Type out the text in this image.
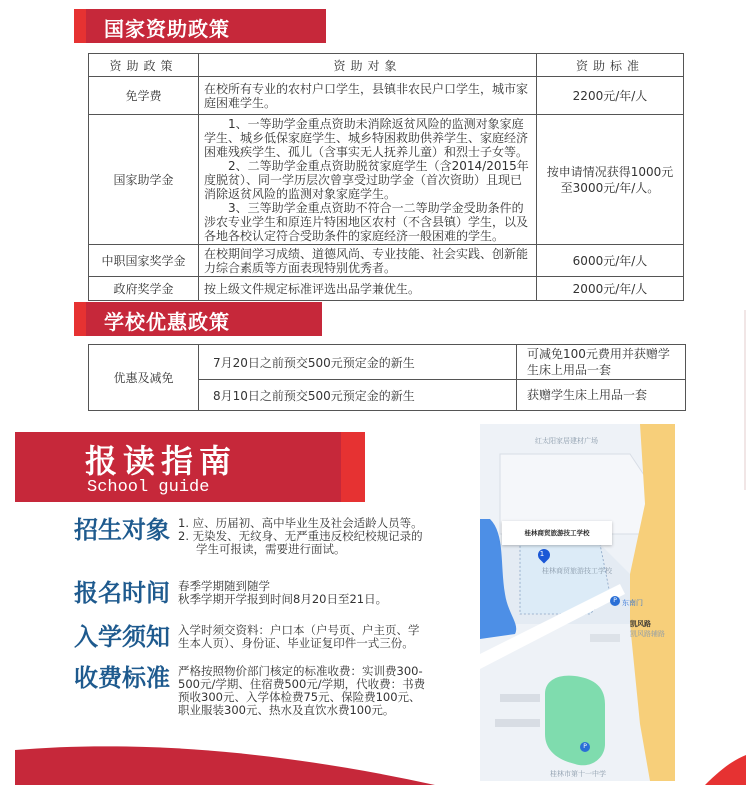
国家资助政策
资助政策	资助对象	资助标准
免学费	在校所有专业的农村户口学生，县镇非农民户口学生，城市家庭困难学生。	2200元/年/人
国家助学金	1、一等助学金重点资助未消除返贫风险的监测对象家庭学生、城乡低保家庭学生、城乡特困救助供养学生、家庭经济困难残疾学生、孤儿（含事实无人抚养儿童）和烈士子女等。
2、二等助学金重点资助脱贫家庭学生（含2014/2015年度脱贫）、同一学历层次曾享受过助学金（首次资助）且现已消除返贫风险的监测对象家庭学生。
3、三等助学金重点资助不符合一二等助学金受助条件的涉农专业学生和原连片特困地区农村（不含县镇）学生，以及各地各校认定符合受助条件的家庭经济一般困难的学生。	按申请情况获得1000元至3000元/年/人。
中职国家奖学金	在校期间学习成绩、道德风尚、专业技能、社会实践、创新能力综合素质等方面表现特别优秀者。	6000元/年/人
政府奖学金	按上级文件规定标准评选出品学兼优生。	2000元/年/人
学校优惠政策
优惠及减免	7月20日之前预交500元预定金的新生	可减免100元费用并获赠学生床上用品一套
	8月10日之前预交500元预定金的新生	获赠学生床上用品一套
报读指南
School guide
招生对象 1. 应、历届初、高中毕业生及社会适龄人员等。
2. 无染发、无纹身、无严重违反校纪校规记录的
学生可报读，需要进行面试。
报名时间 春季学期随到随学
秋季学期开学报到时间8月20日至21日。
入学须知 入学时须交资料：户口本（户号页、户主页、学
生本人页）、身份证、毕业证复印件一式三份。
收费标准 严格按照物价部门核定的标准收费：实训费300-
500元/学期、住宿费500元/学期，代收费：书费
预收300元、入学体检费75元、保险费100元、
职业服装300元、热水及直饮水费100元。
红太阳家居建材广场
桂林商贸旅游技工学校
1
桂林商贸旅游技工学校
凯风路
凯风路辅路
P 东南门
P
桂林市第十一中学
